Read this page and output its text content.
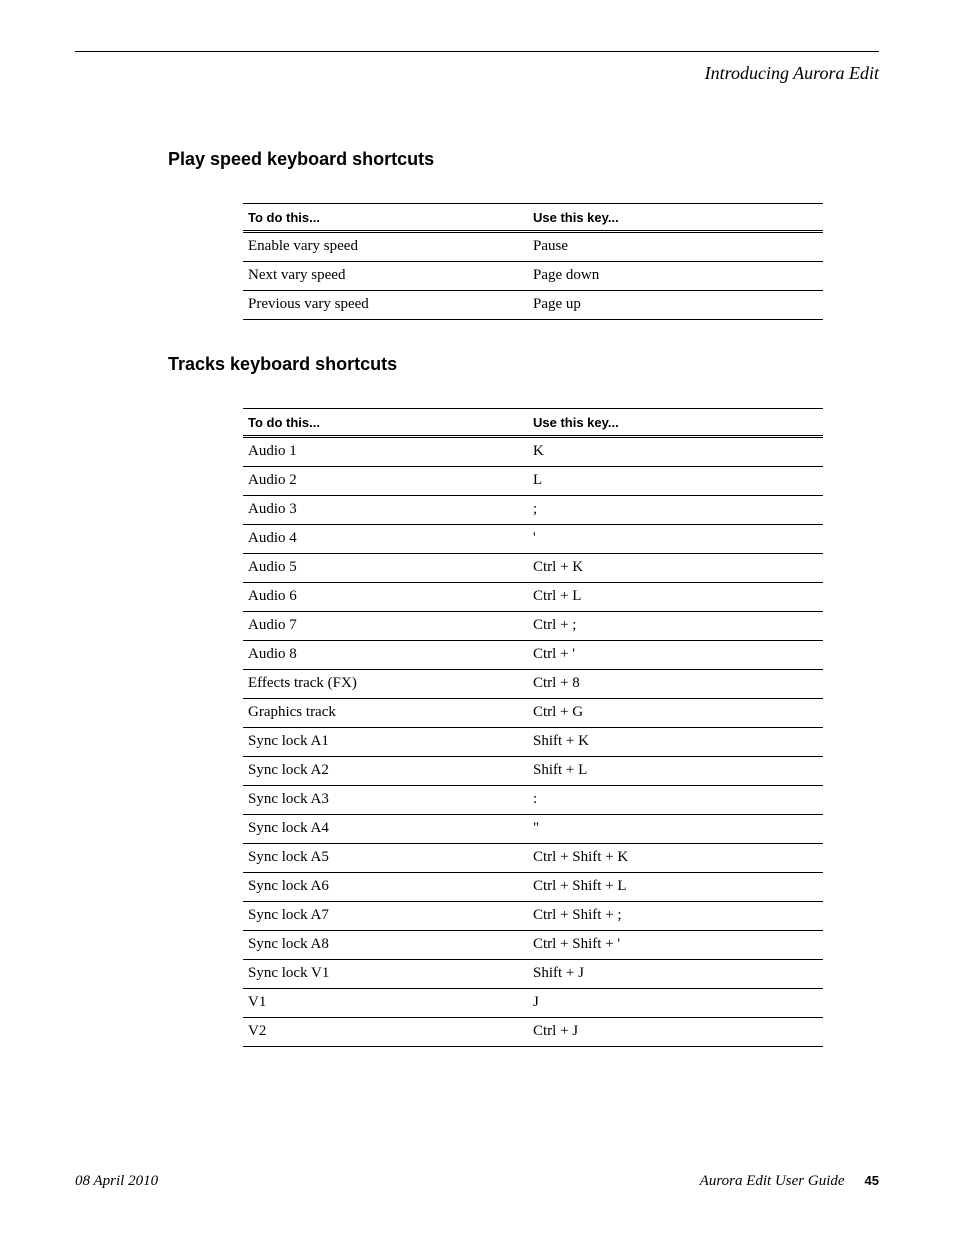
Introducing Aurora Edit
Play speed keyboard shortcuts
To do this...	Use this key...
Enable vary speed	Pause
Next vary speed	Page down
Previous vary speed	Page up
Tracks keyboard shortcuts
To do this...	Use this key...
Audio 1	K
Audio 2	L
Audio 3	;
Audio 4	'
Audio 5	Ctrl + K
Audio 6	Ctrl + L
Audio 7	Ctrl + ;
Audio 8	Ctrl + '
Effects track (FX)	Ctrl + 8
Graphics track	Ctrl + G
Sync lock A1	Shift + K
Sync lock A2	Shift + L
Sync lock A3	:
Sync lock A4	"
Sync lock A5	Ctrl + Shift + K
Sync lock A6	Ctrl + Shift + L
Sync lock A7	Ctrl + Shift + ;
Sync lock A8	Ctrl + Shift + '
Sync lock V1	Shift + J
V1	J
V2	Ctrl + J
08 April 2010	Aurora Edit User Guide 45
